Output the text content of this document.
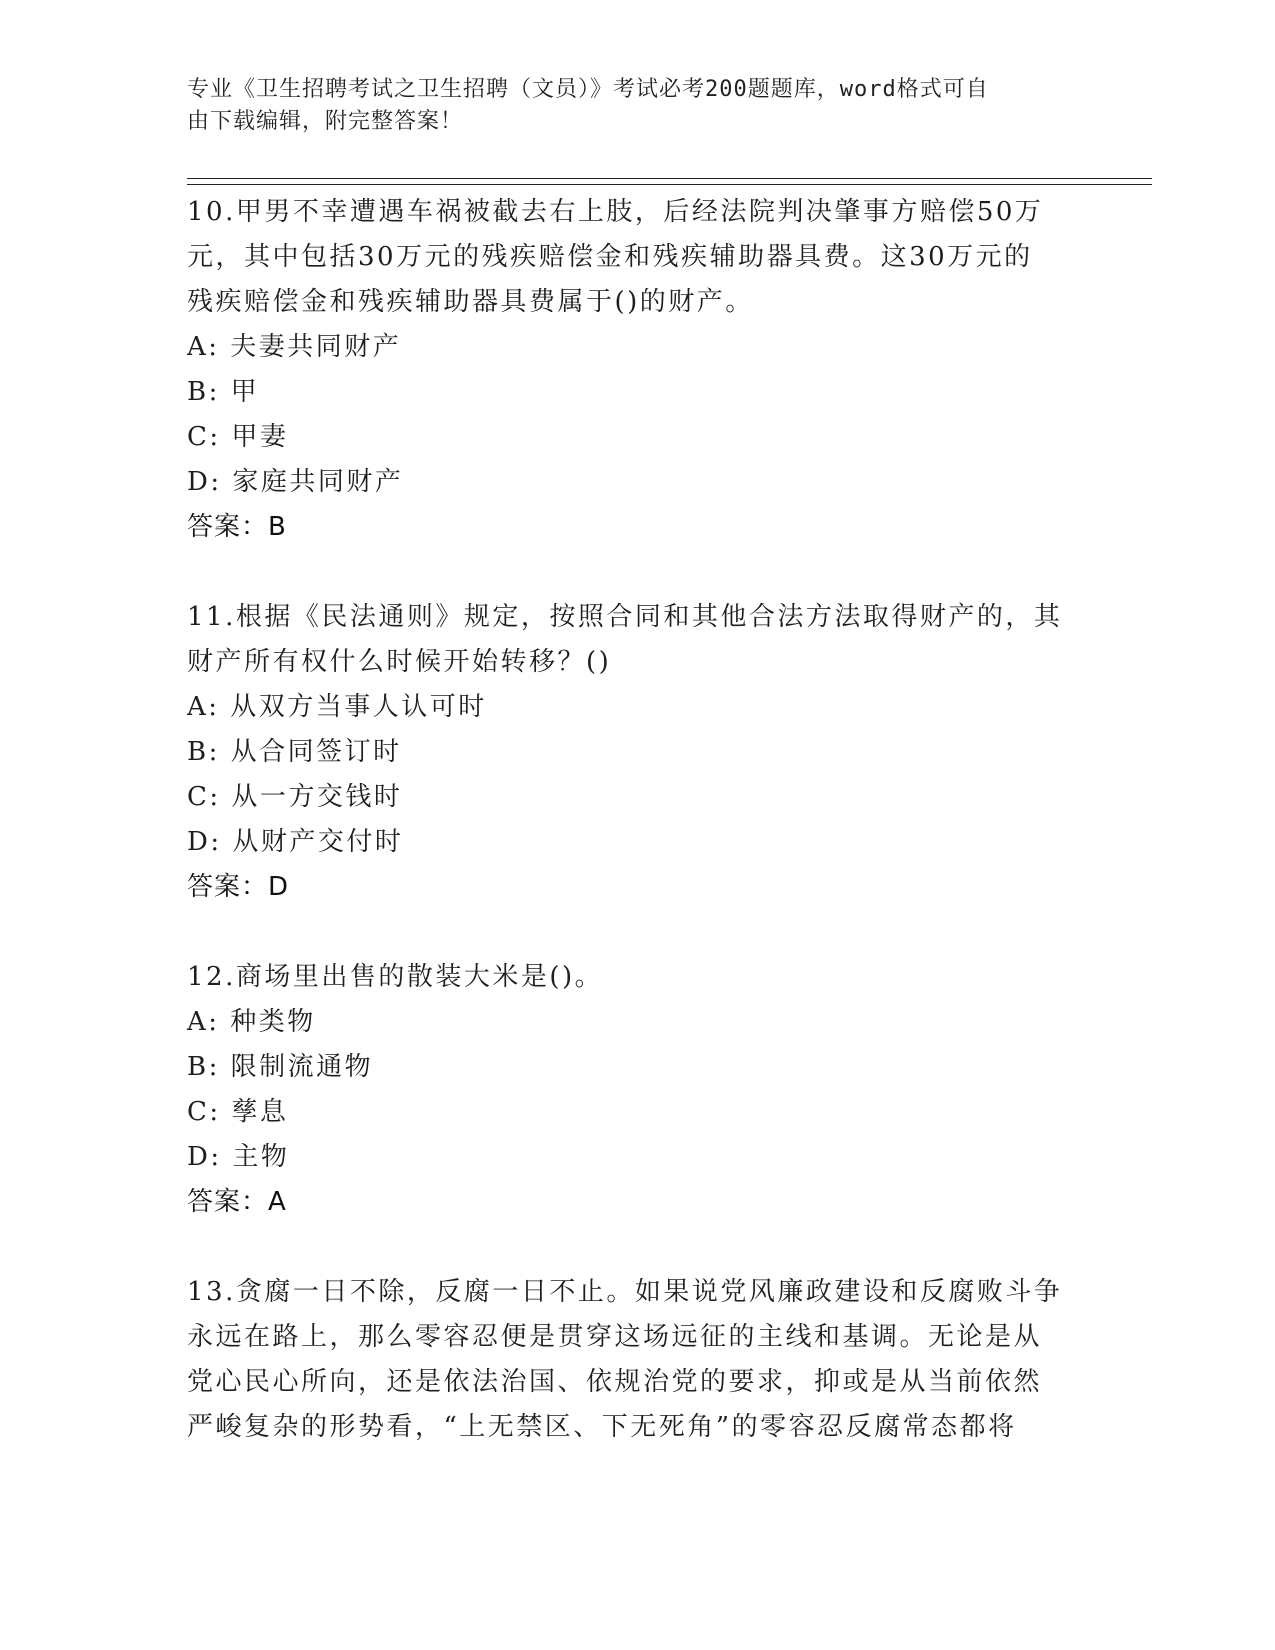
专业《卫生招聘考试之卫生招聘（文员）》考试必考200题题库，word格式可自
由下载编辑，附完整答案！
10.甲男不幸遭遇车祸被截去右上肢，后经法院判决肇事方赔偿50万
元，其中包括30万元的残疾赔偿金和残疾辅助器具费。这30万元的
残疾赔偿金和残疾辅助器具费属于()的财产。
A: 夫妻共同财产
B: 甲
C: 甲妻
D: 家庭共同财产
答案：B
11.根据《民法通则》规定，按照合同和其他合法方法取得财产的，其
财产所有权什么时候开始转移？()
A: 从双方当事人认可时
B: 从合同签订时
C: 从一方交钱时
D: 从财产交付时
答案：D
12.商场里出售的散装大米是()。
A: 种类物
B: 限制流通物
C: 孳息
D: 主物
答案：A
13.贪腐一日不除，反腐一日不止。如果说党风廉政建设和反腐败斗争
永远在路上，那么零容忍便是贯穿这场远征的主线和基调。无论是从
党心民心所向，还是依法治国、依规治党的要求，抑或是从当前依然
严峻复杂的形势看，“上无禁区、下无死角”的零容忍反腐常态都将
